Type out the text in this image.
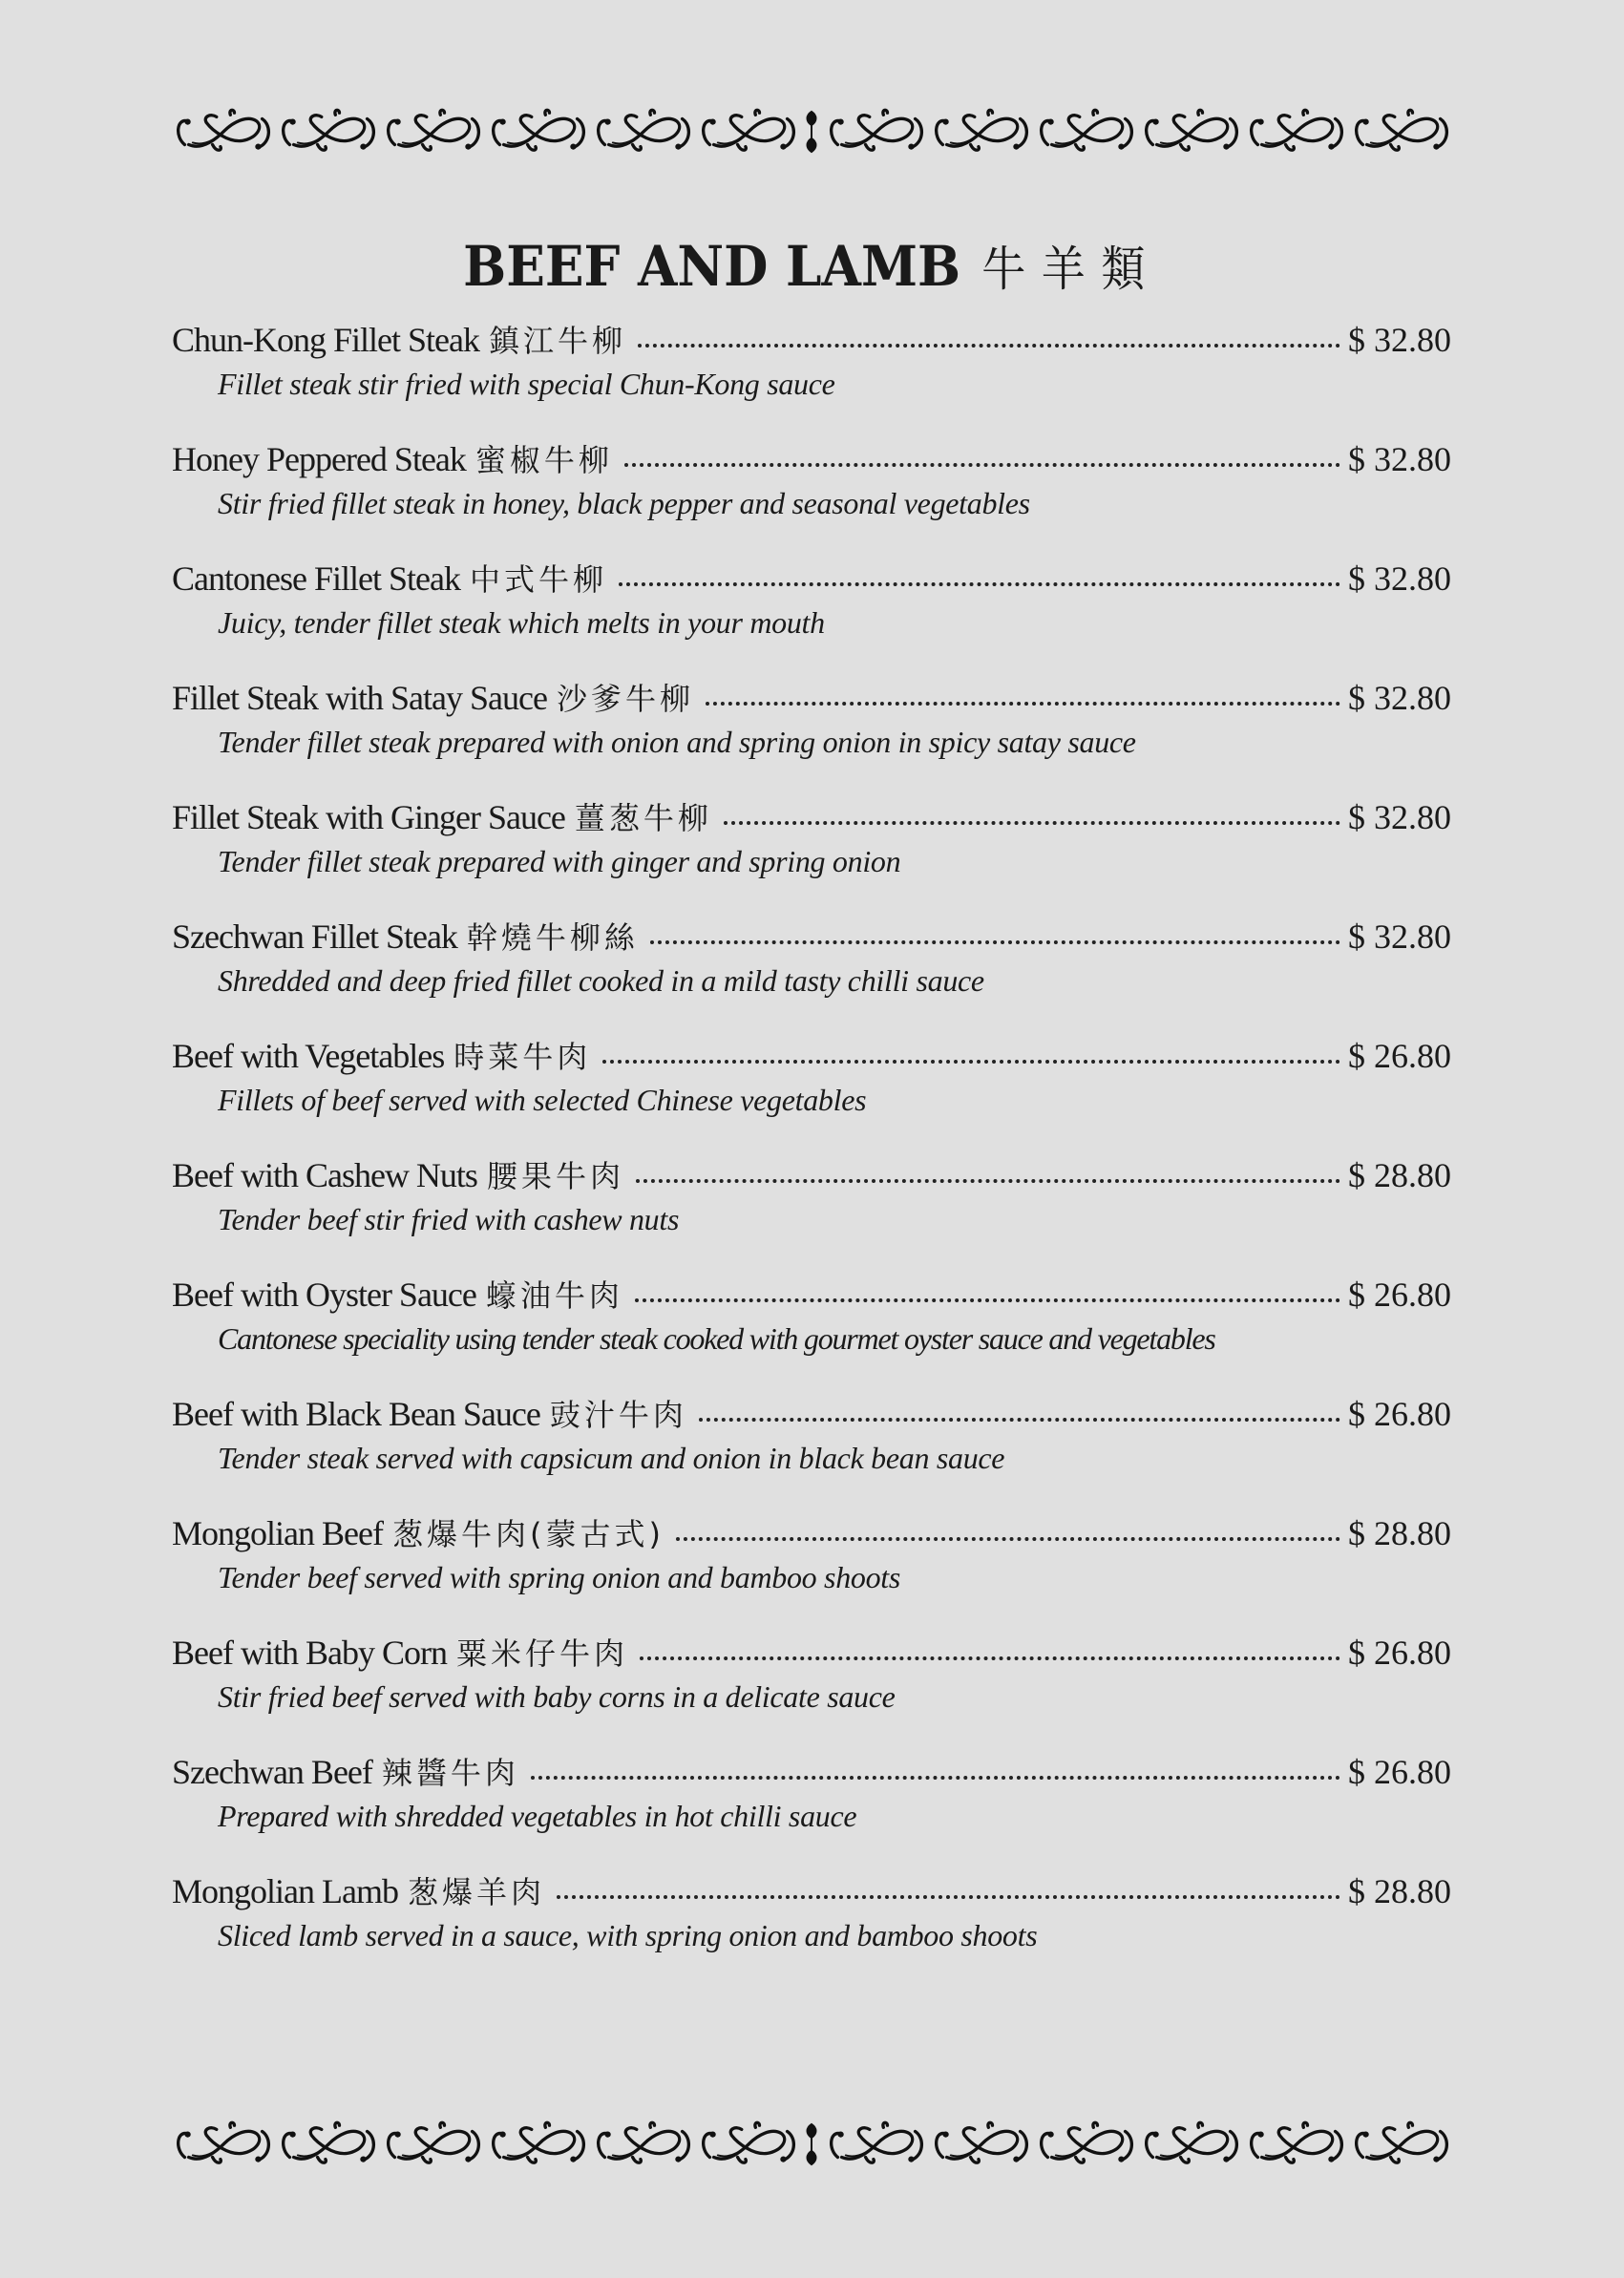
BEEF AND LAMB 牛羊類
Chun-Kong Fillet Steak 鎮江牛柳	$ 32.80
Fillet steak stir fried with special Chun-Kong sauce
Honey Peppered Steak 蜜椒牛柳	$ 32.80
Stir fried fillet steak in honey, black pepper and seasonal vegetables
Cantonese Fillet Steak 中式牛柳	$ 32.80
Juicy, tender fillet steak which melts in your mouth
Fillet Steak with Satay Sauce 沙爹牛柳	$ 32.80
Tender fillet steak prepared with onion and spring onion in spicy satay sauce
Fillet Steak with Ginger Sauce 薑葱牛柳	$ 32.80
Tender fillet steak prepared with ginger and spring onion
Szechwan Fillet Steak 幹燒牛柳絲	$ 32.80
Shredded and deep fried fillet cooked in a mild tasty chilli sauce
Beef with Vegetables 時菜牛肉	$ 26.80
Fillets of beef served with selected Chinese vegetables
Beef with Cashew Nuts 腰果牛肉	$ 28.80
Tender beef stir fried with cashew nuts
Beef with Oyster Sauce 蠔油牛肉	$ 26.80
Cantonese speciality using tender steak cooked with gourmet oyster sauce and vegetables
Beef with Black Bean Sauce 豉汁牛肉	$ 26.80
Tender steak served with capsicum and onion in black bean sauce
Mongolian Beef 葱爆牛肉(蒙古式)	$ 28.80
Tender beef served with spring onion and bamboo shoots
Beef with Baby Corn 粟米仔牛肉	$ 26.80
Stir fried beef served with baby corns in a delicate sauce
Szechwan Beef 辣醬牛肉	$ 26.80
Prepared with shredded vegetables in hot chilli sauce
Mongolian Lamb 葱爆羊肉	$ 28.80
Sliced lamb served in a sauce, with spring onion and bamboo shoots
